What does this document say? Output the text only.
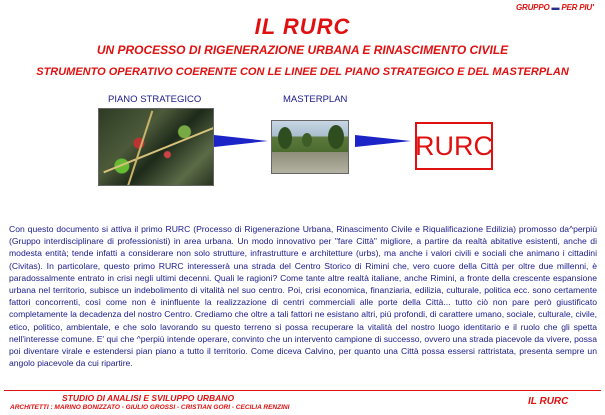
GRUPPO ▬ PER PIU'
IL RURC
UN PROCESSO DI RIGENERAZIONE URBANA E RINASCIMENTO CIVILE
STRUMENTO OPERATIVO COERENTE CON LE LINEE DEL PIANO STRATEGICO E DEL MASTERPLAN
PIANO STRATEGICO	MASTERPLAN
RURC
Con questo documento si attiva il primo RURC (Processo di Rigenerazione Urbana, Rinascimento Civile e Riqualificazione Edilizia) promosso da^perpiù (Gruppo interdisciplinare di professionisti) in area urbana. Un modo innovativo per "fare Città" migliore, a partire da realtà abitative esistenti, anche di modesta entità; tende infatti a considerare non solo strutture, infrastrutture e architetture (urbs), ma anche i valori civili e sociali che animano i cittadini (Civitas). In particolare, questo primo RURC interesserà una strada del Centro Storico di Rimini che, vero cuore della Città per oltre due millenni, è paradossalmente entrato in crisi negli ultimi decenni. Quali le ragioni? Come tante altre realtà italiane, anche Rimini, a fronte della crescente espansione urbana nel territorio, subisce un indebolimento di vitalità nel suo centro. Poi, crisi economica, finanziaria, edilizia, culturale, politica ecc. sono certamente fattori concorrenti, così come non è ininfluente la realizzazione di centri commerciali alle porte della Città... tutto ciò non pare però giustificato completamente la decadenza del nostro Centro. Crediamo che oltre a tali fattori ne esistano altri, più profondi, di carattere umano, sociale, culturale, civile, etico, politico, ambientale, e che solo lavorando su questo terreno si possa recuperare la vitalità del nostro luogo identitario e il ruolo che gli spetta nell'interesse comune. E' qui che ^perpiù intende operare, convinto che un intervento campione di successo, ovvero una strada piacevole da vivere, possa poi diventare virale e estendersi pian piano a tutto il territorio. Come diceva Calvino, per quanto una Città possa essersi rattristata, presenta sempre un angolo piacevole da cui ripartire.
STUDIO DI ANALISI E SVILUPPO URBANO
ARCHITETTI : MARINO BONIZZATO - GIULIO GROSSI - CRISTIAN GORI - CECILIA RENZINI
IL RURC
